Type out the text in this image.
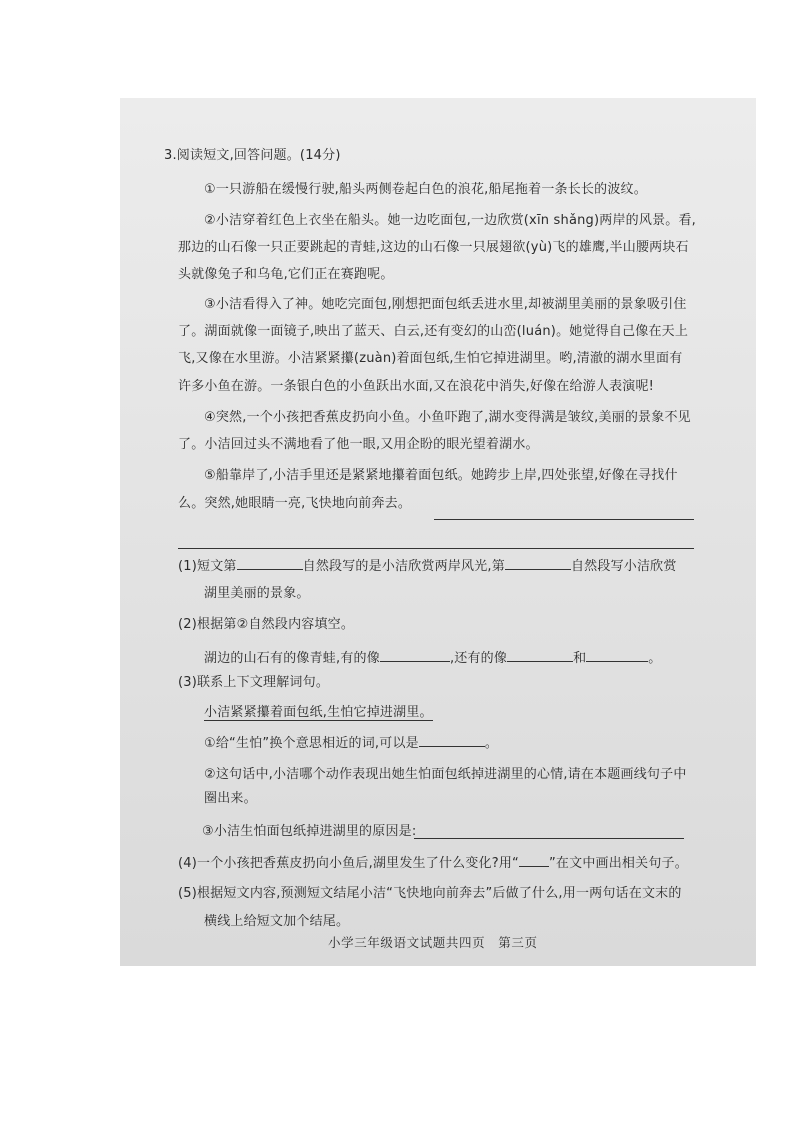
3.阅读短文,回答问题。(14分)
①一只游船在缓慢行驶,船头两侧卷起白色的浪花,船尾拖着一条长长的波纹。
②小洁穿着红色上衣坐在船头。她一边吃面包,一边欣赏(xīn shǎng)两岸的风景。看,
那边的山石像一只正要跳起的青蛙,这边的山石像一只展翅欲(yù)飞的雄鹰,半山腰两块石
头就像兔子和乌龟,它们正在赛跑呢。
③小洁看得入了神。她吃完面包,刚想把面包纸丢进水里,却被湖里美丽的景象吸引住
了。湖面就像一面镜子,映出了蓝天、白云,还有变幻的山峦(luán)。她觉得自己像在天上
飞,又像在水里游。小洁紧紧攥(zuàn)着面包纸,生怕它掉进湖里。哟,清澈的湖水里面有
许多小鱼在游。一条银白色的小鱼跃出水面,又在浪花中消失,好像在给游人表演呢!
④突然,一个小孩把香蕉皮扔向小鱼。小鱼吓跑了,湖水变得满是皱纹,美丽的景象不见
了。小洁回过头不满地看了他一眼,又用企盼的眼光望着湖水。
⑤船靠岸了,小洁手里还是紧紧地攥着面包纸。她跨步上岸,四处张望,好像在寻找什
么。突然,她眼睛一亮,飞快地向前奔去。
(1)短文第	自然段写的是小洁欣赏两岸风光,第	自然段写小洁欣赏
湖里美丽的景象。
(2)根据第②自然段内容填空。
湖边的山石有的像青蛙,有的像	,还有的像	和	。
(3)联系上下文理解词句。
小洁紧紧攥着面包纸,生怕它掉进湖里。
①给“生怕”换个意思相近的词,可以是	。
②这句话中,小洁哪个动作表现出她生怕面包纸掉进湖里的心情,请在本题画线句子中
圈出来。
③小洁生怕面包纸掉进湖里的原因是:
(4)一个小孩把香蕉皮扔向小鱼后,湖里发生了什么变化?用“ ”在文中画出相关句子。
(5)根据短文内容,预测短文结尾小洁“飞快地向前奔去”后做了什么,用一两句话在文末的
横线上给短文加个结尾。
小学三年级语文试题共四页　第三页
